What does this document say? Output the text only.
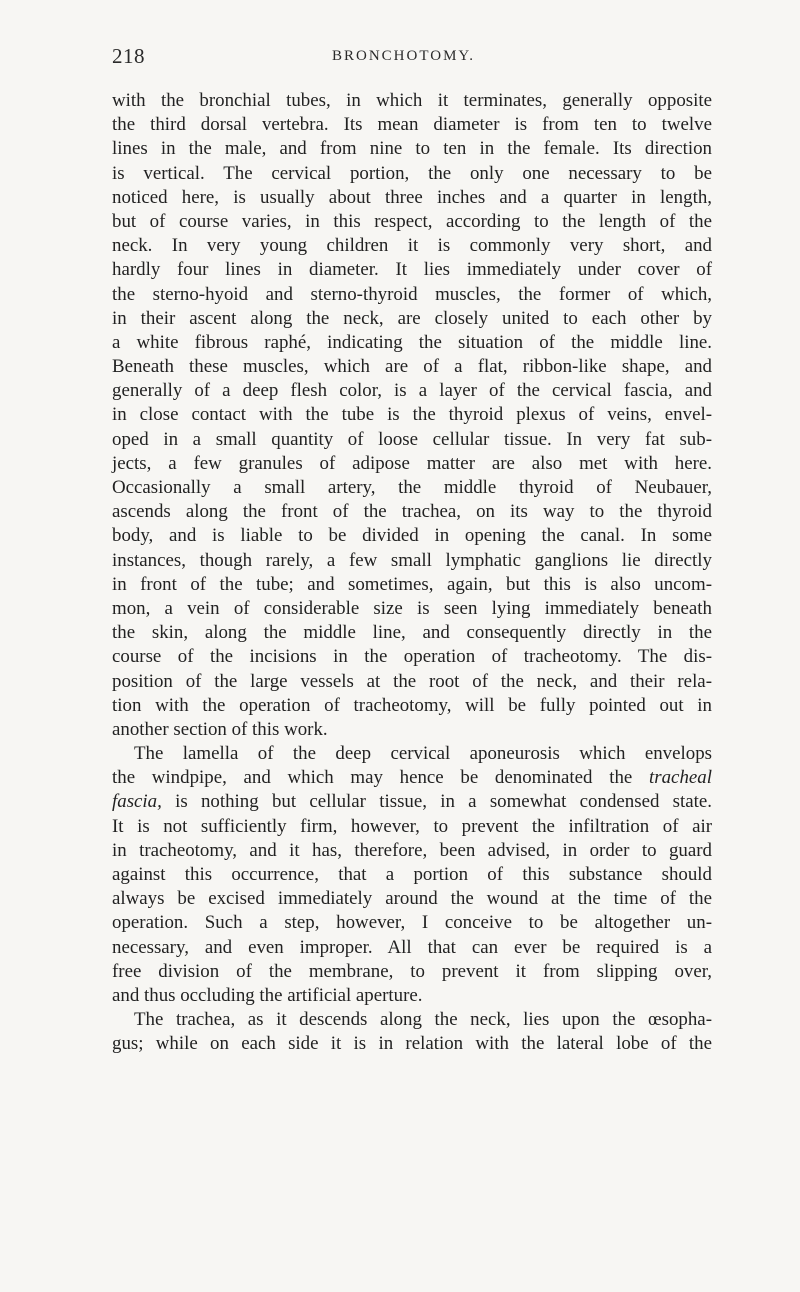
218	BRONCHOTOMY.
with the bronchial tubes, in which it terminates, generally opposite
the third dorsal vertebra. Its mean diameter is from ten to twelve
lines in the male, and from nine to ten in the female. Its direction
is vertical. The cervical portion, the only one necessary to be
noticed here, is usually about three inches and a quarter in length,
but of course varies, in this respect, according to the length of the
neck. In very young children it is commonly very short, and
hardly four lines in diameter. It lies immediately under cover of
the sterno-hyoid and sterno-thyroid muscles, the former of which,
in their ascent along the neck, are closely united to each other by
a white fibrous raphé, indicating the situation of the middle line.
Beneath these muscles, which are of a flat, ribbon-like shape, and
generally of a deep flesh color, is a layer of the cervical fascia, and
in close contact with the tube is the thyroid plexus of veins, envel-
oped in a small quantity of loose cellular tissue. In very fat sub-
jects, a few granules of adipose matter are also met with here.
Occasionally a small artery, the middle thyroid of Neubauer,
ascends along the front of the trachea, on its way to the thyroid
body, and is liable to be divided in opening the canal. In some
instances, though rarely, a few small lymphatic ganglions lie directly
in front of the tube; and sometimes, again, but this is also uncom-
mon, a vein of considerable size is seen lying immediately beneath
the skin, along the middle line, and consequently directly in the
course of the incisions in the operation of tracheotomy. The dis-
position of the large vessels at the root of the neck, and their rela-
tion with the operation of tracheotomy, will be fully pointed out in
another section of this work.
The lamella of the deep cervical aponeurosis which envelops
the windpipe, and which may hence be denominated the tracheal
fascia, is nothing but cellular tissue, in a somewhat condensed state.
It is not sufficiently firm, however, to prevent the infiltration of air
in tracheotomy, and it has, therefore, been advised, in order to guard
against this occurrence, that a portion of this substance should
always be excised immediately around the wound at the time of the
operation. Such a step, however, I conceive to be altogether un-
necessary, and even improper. All that can ever be required is a
free division of the membrane, to prevent it from slipping over,
and thus occluding the artificial aperture.
The trachea, as it descends along the neck, lies upon the œsopha-
gus; while on each side it is in relation with the lateral lobe of the
